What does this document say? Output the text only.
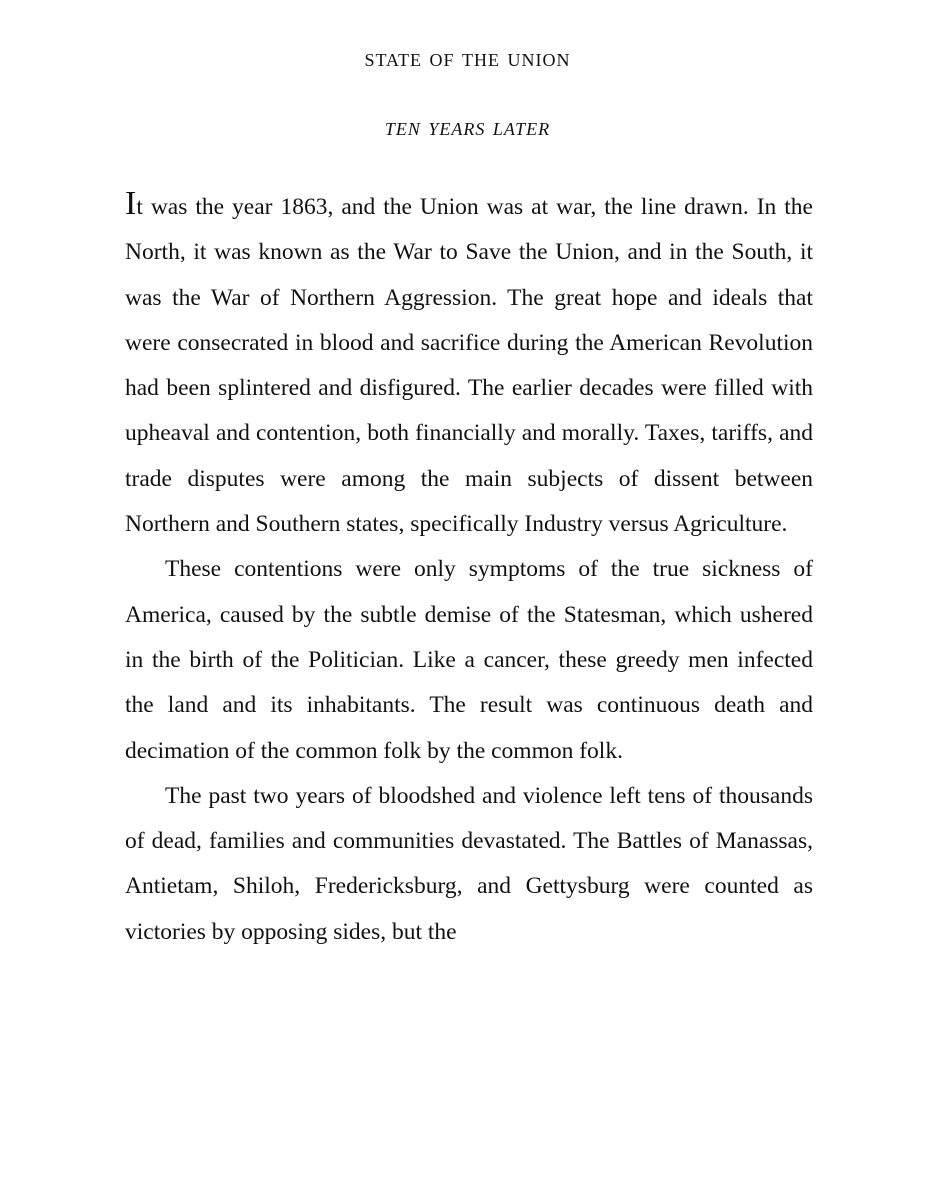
state of the union
ten years later

It was the year 1863, and the Union was at war, the line drawn. In the North, it was known as the War to Save the Union, and in the South, it was the War of Northern Aggression. The great hope and ideals that were consecrated in blood and sacrifice during the American Revolution had been splintered and disfigured. The earlier decades were filled with upheaval and contention, both financially and morally. Taxes, tariffs, and trade disputes were among the main subjects of dissent between Northern and Southern states, specifically Industry versus Agriculture.

These contentions were only symptoms of the true sickness of America, caused by the subtle demise of the Statesman, which ushered in the birth of the Politician. Like a cancer, these greedy men infected the land and its inhabitants. The result was continuous death and decimation of the common folk by the common folk.

The past two years of bloodshed and violence left tens of thousands of dead, families and communities devastated. The Battles of Manassas, Antietam, Shiloh, Fredericksburg, and Gettysburg were counted as victories by opposing sides, but the
